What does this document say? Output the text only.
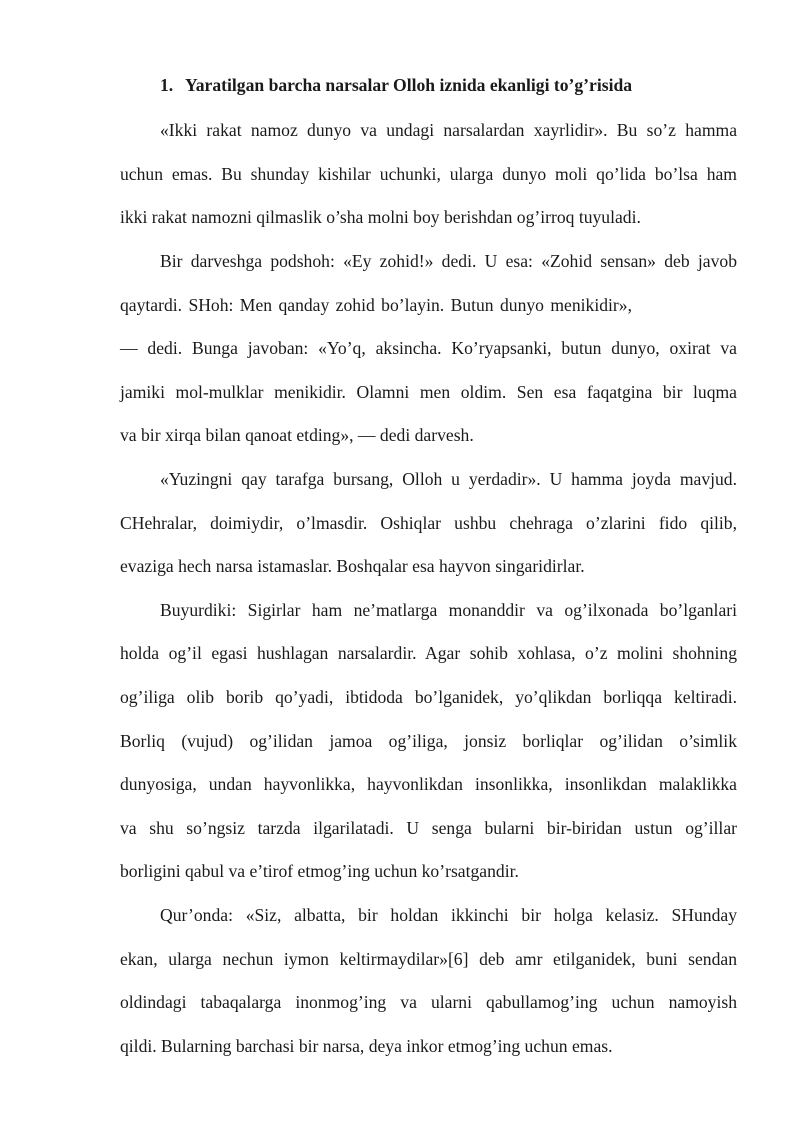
1. Yaratilgan barcha narsalar Olloh iznida ekanligi to’g’risida
«Ikki rakat namoz dunyo va undagi narsalardan xayrlidir». Bu so’z hamma
uchun emas. Bu shunday kishilar uchunki, ularga dunyo moli qo’lida bo’lsa ham
ikki rakat namozni qilmaslik o’sha molni boy berishdan og’irroq tuyuladi.
Bir darveshga podshoh: «Ey zohid!» dedi. U esa: «Zohid sensan» deb javob
qaytardi. SHoh: Men qanday zohid bo’layin. Butun dunyo menikidir»,
— dedi. Bunga javoban: «Yo’q, aksincha. Ko’ryapsanki, butun dunyo, oxirat va
jamiki mol-mulklar menikidir. Olamni men oldim. Sen esa faqatgina bir luqma
va bir xirqa bilan qanoat etding», — dedi darvesh.
«Yuzingni qay tarafga bursang, Olloh u yerdadir». U hamma joyda mavjud.
CHehralar, doimiydir, o’lmasdir. Oshiqlar ushbu chehraga o’zlarini fido qilib,
evaziga hech narsa istamaslar. Boshqalar esa hayvon singaridirlar.
Buyurdiki: Sigirlar ham ne’matlarga monanddir va og’ilxonada bo’lganlari
holda og’il egasi hushlagan narsalardir. Agar sohib xohlasa, o’z molini shohning
og’iliga olib borib qo’yadi, ibtidoda bo’lganidek, yo’qlikdan borliqqa keltiradi.
Borliq (vujud) og’ilidan jamoa og’iliga, jonsiz borliqlar og’ilidan o’simlik
dunyosiga, undan hayvonlikka, hayvonlikdan insonlikka, insonlikdan malaklikka
va shu so’ngsiz tarzda ilgarilatadi. U senga bularni bir-biridan ustun og’illar
borligini qabul va e’tirof etmog’ing uchun ko’rsatgandir.
Qur’onda: «Siz, albatta, bir holdan ikkinchi bir holga kelasiz. SHunday
ekan, ularga nechun iymon keltirmaydilar»[6] deb amr etilganidek, buni sendan
oldindagi tabaqalarga inonmog’ing va ularni qabullamog’ing uchun namoyish
qildi. Bularning barchasi bir narsa, deya inkor etmog’ing uchun emas.
